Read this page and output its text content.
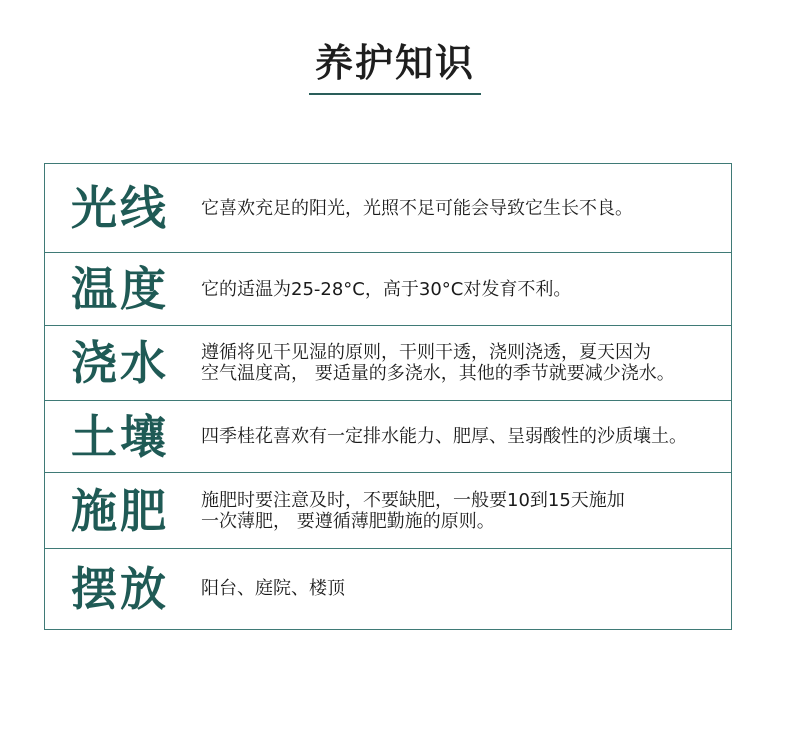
养护知识
光线	它喜欢充足的阳光，光照不足可能会导致它生长不良。
温度	它的适温为25-28°C，高于30°C对发育不利。
浇水	遵循将见干见湿的原则，干则干透，浇则浇透，夏天因为
空气温度高， 要适量的多浇水，其他的季节就要减少浇水。
土壤	四季桂花喜欢有一定排水能力、肥厚、呈弱酸性的沙质壤土。
施肥	施肥时要注意及时，不要缺肥，一般要10到15天施加
一次薄肥， 要遵循薄肥勤施的原则。
摆放	阳台、庭院、楼顶
